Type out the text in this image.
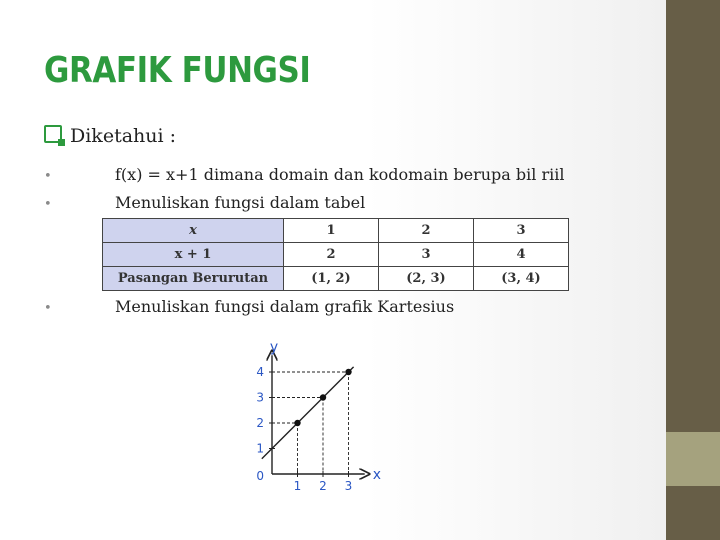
GRAFIK FUNGSI
Diketahui :
•	f(x) = x+1 dimana domain dan kodomain berupa bil riil
•	Menuliskan fungsi dalam tabel
x	1	2	3
x + 1	2	3	4
Pasangan Berurutan	(1, 2)	(2, 3)	(3, 4)
•	Menuliskan fungsi dalam grafik Kartesius
1 2 3
1
2
3
4
0	x
y
